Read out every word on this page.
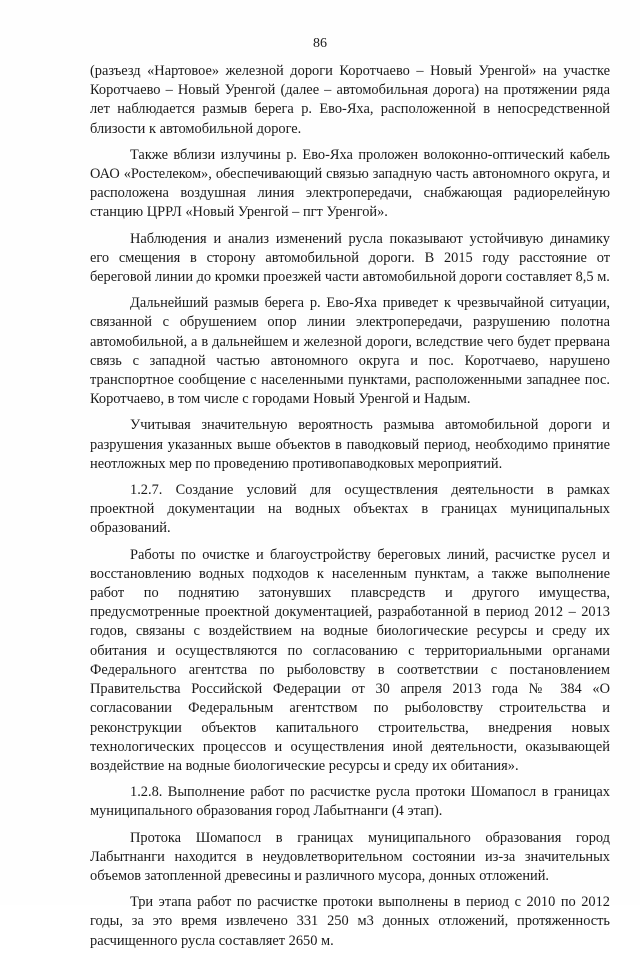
86

(разъезд «Нартовое» железной дороги Коротчаево – Новый Уренгой» на участке Коротчаево – Новый Уренгой (далее – автомобильная дорога) на протяжении ряда лет наблюдается размыв берега р. Ево-Яха, расположенной в непосредственной близости к автомобильной дороге.

Также вблизи излучины р. Ево-Яха проложен волоконно-оптический кабель ОАО «Ростелеком», обеспечивающий связью западную часть автономного округа, и расположена воздушная линия электропередачи, снабжающая радиорелейную станцию ЦРРЛ «Новый Уренгой – пгт Уренгой».

Наблюдения и анализ изменений русла показывают устойчивую динамику его смещения в сторону автомобильной дороги. В 2015 году расстояние от береговой линии до кромки проезжей части автомобильной дороги составляет 8,5 м.

Дальнейший размыв берега р. Ево-Яха приведет к чрезвычайной ситуации, связанной с обрушением опор линии электропередачи, разрушению полотна автомобильной, а в дальнейшем и железной дороги, вследствие чего будет прервана связь с западной частью автономного округа и пос. Коротчаево, нарушено транспортное сообщение с населенными пунктами, расположенными западнее пос. Коротчаево, в том числе с городами Новый Уренгой и Надым.

Учитывая значительную вероятность размыва автомобильной дороги и разрушения указанных выше объектов в паводковый период, необходимо принятие неотложных мер по проведению противопаводковых мероприятий.

1.2.7. Создание условий для осуществления деятельности в рамках проектной документации на водных объектах в границах муниципальных образований.

Работы по очистке и благоустройству береговых линий, расчистке русел и восстановлению водных подходов к населенным пунктам, а также выполнение работ по поднятию затонувших плавсредств и другого имущества, предусмотренные проектной документацией, разработанной в период 2012 – 2013 годов, связаны с воздействием на водные биологические ресурсы и среду их обитания и осуществляются по согласованию с территориальными органами Федерального агентства по рыболовству в соответствии с постановлением Правительства Российской Федерации от 30 апреля 2013 года № 384 «О согласовании Федеральным агентством по рыболовству строительства и реконструкции объектов капитального строительства, внедрения новых технологических процессов и осуществления иной деятельности, оказывающей воздействие на водные биологические ресурсы и среду их обитания».

1.2.8. Выполнение работ по расчистке русла протоки Шомапосл в границах муниципального образования город Лабытнанги (4 этап).

Протока Шомапосл в границах муниципального образования город Лабытнанги находится в неудовлетворительном состоянии из-за значительных объемов затопленной древесины и различного мусора, донных отложений.

Три этапа работ по расчистке протоки выполнены в период с 2010 по 2012 годы, за это время извлечено 331 250 м3 донных отложений, протяженность расчищенного русла составляет 2650 м.
